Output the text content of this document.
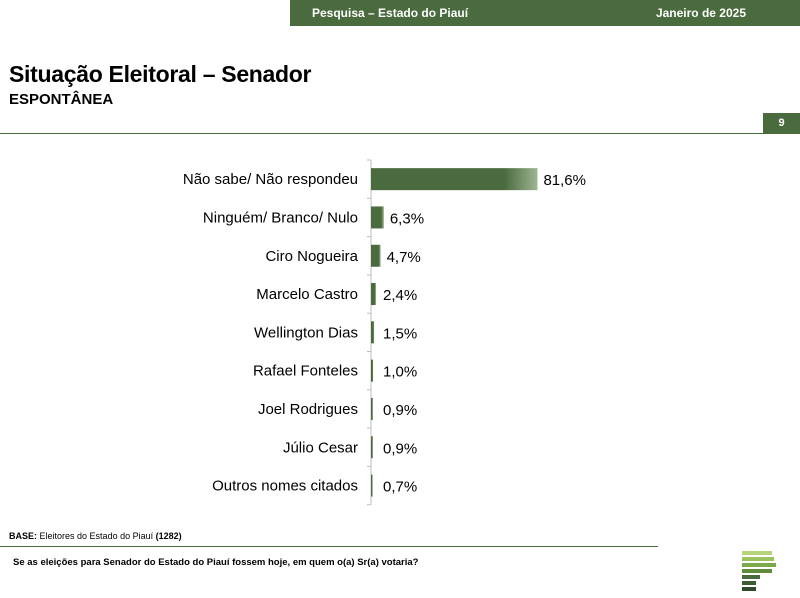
Pesquisa – Estado do Piauí	Janeiro de 2025
Situação Eleitoral – Senador
ESPONTÂNEA
9
Não sabe/ Não respondeu	81,6%
Ninguém/ Branco/ Nulo 6,3%
Ciro Nogueira 4,7%
Marcelo Castro 2,4%
Wellington Dias 1,5%
Rafael Fonteles 1,0%
Joel Rodrigues 0,9%
Júlio Cesar 0,9%
Outros nomes citados 0,7%
BASE: Eleitores do Estado do Piauí (1282)
Se as eleições para Senador do Estado do Piauí fossem hoje, em quem o(a) Sr(a) votaria?
